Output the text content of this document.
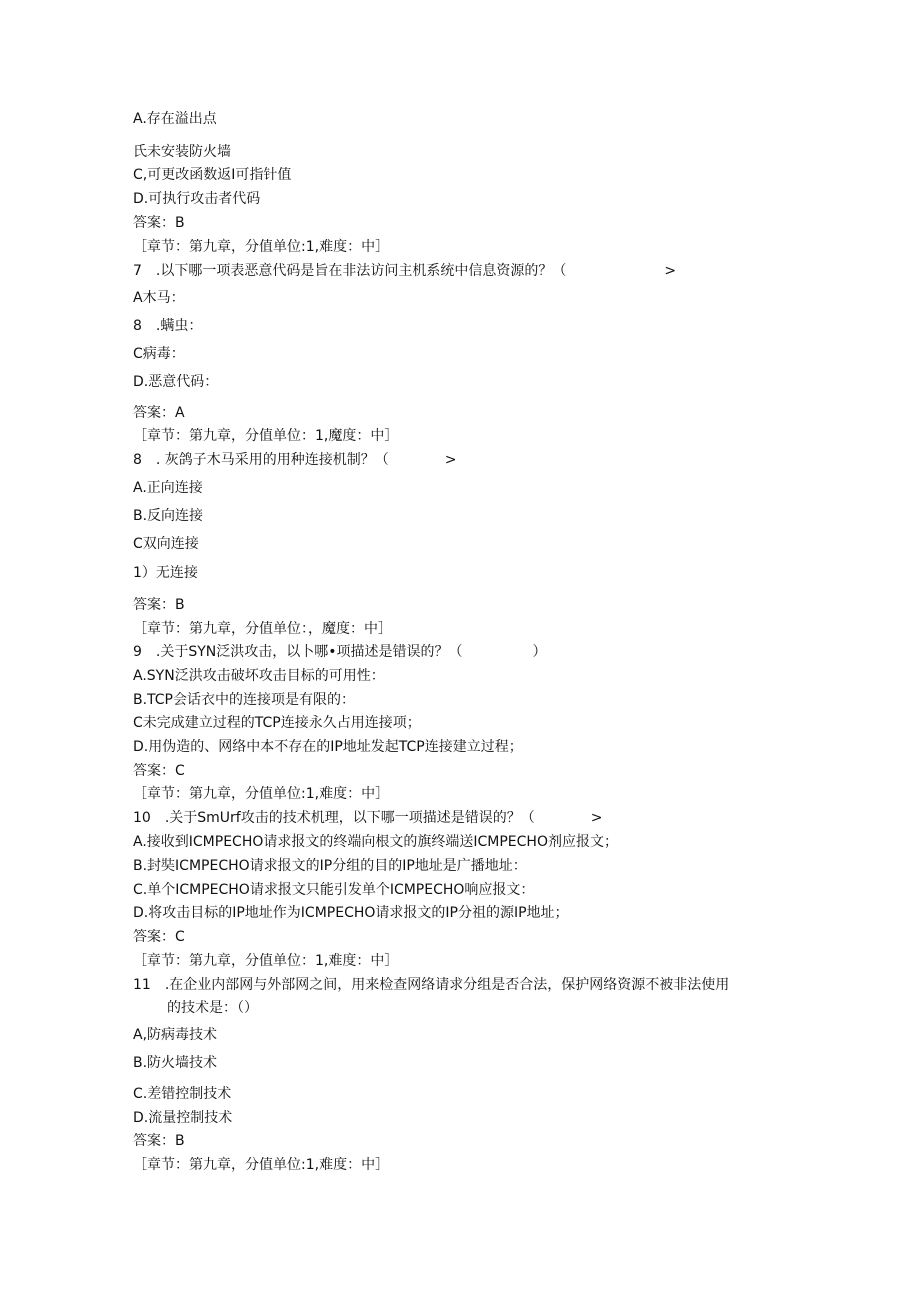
A.存在溢出点
氏未安装防火墙
C,可更改函数返I可指针值
D.可执行攻击者代码
答案：B
［章节：第九章，分值单位:1,难度：中］
7　.以下哪一项表恶意代码是旨在非法访问主机系统中信息资源的？（　　　　　　　>
A木马：
8　.螨虫：
C病毒：
D.恶意代码：
答案：A
［章节：第九章，分值单位：1,魔度：中］
8　. 灰鸽子木马采用的用种连接机制？（　　　　>
A.正向连接
B.反向连接
C双向连接
1）无连接
答案：B
［章节：第九章，分值单位：，魔度：中］
9　.关于SYN泛洪攻击，以卜哪•项描述是错误的？（　　　　　）
A.SYN泛洪攻击破坏攻击目标的可用性：
B.TCP会话衣中的连接项是有限的：
C未完成建立过程的TCP连接永久占用连接项；
D.用伪造的、网络中本不存在的IP地址发起TCP连接建立过程；
答案：C
［章节：第九章，分值单位:1,难度：中］
10　.关于SmUrf攻击的技术机理，以下哪一项描述是错误的？（　　　　>
A.接收到ICMPECHO请求报文的终端向根文的旗终端送ICMPECHO剂应报文；
B.封奘ICMPECHO请求报文的IP分组的目的IP地址是广播地址：
C.单个ICMPECHO请求报文只能引发单个ICMPECHO响应报文：
D.将攻击目标的IP地址作为ICMPECHO请求报文的IP分祖的源IP地址；
答案：C
［章节：第九章，分值单位：1,难度：中］
11　.在企业内部网与外部网之间，用来检查网络请求分组是否合法，保护网络资源不被非法使用
的技术是：（）
A,防病毒技术
B.防火墙技术
C.差错控制技术
D.流量控制技术
答案：B
［章节：第九章，分值单位:1,难度：中］
